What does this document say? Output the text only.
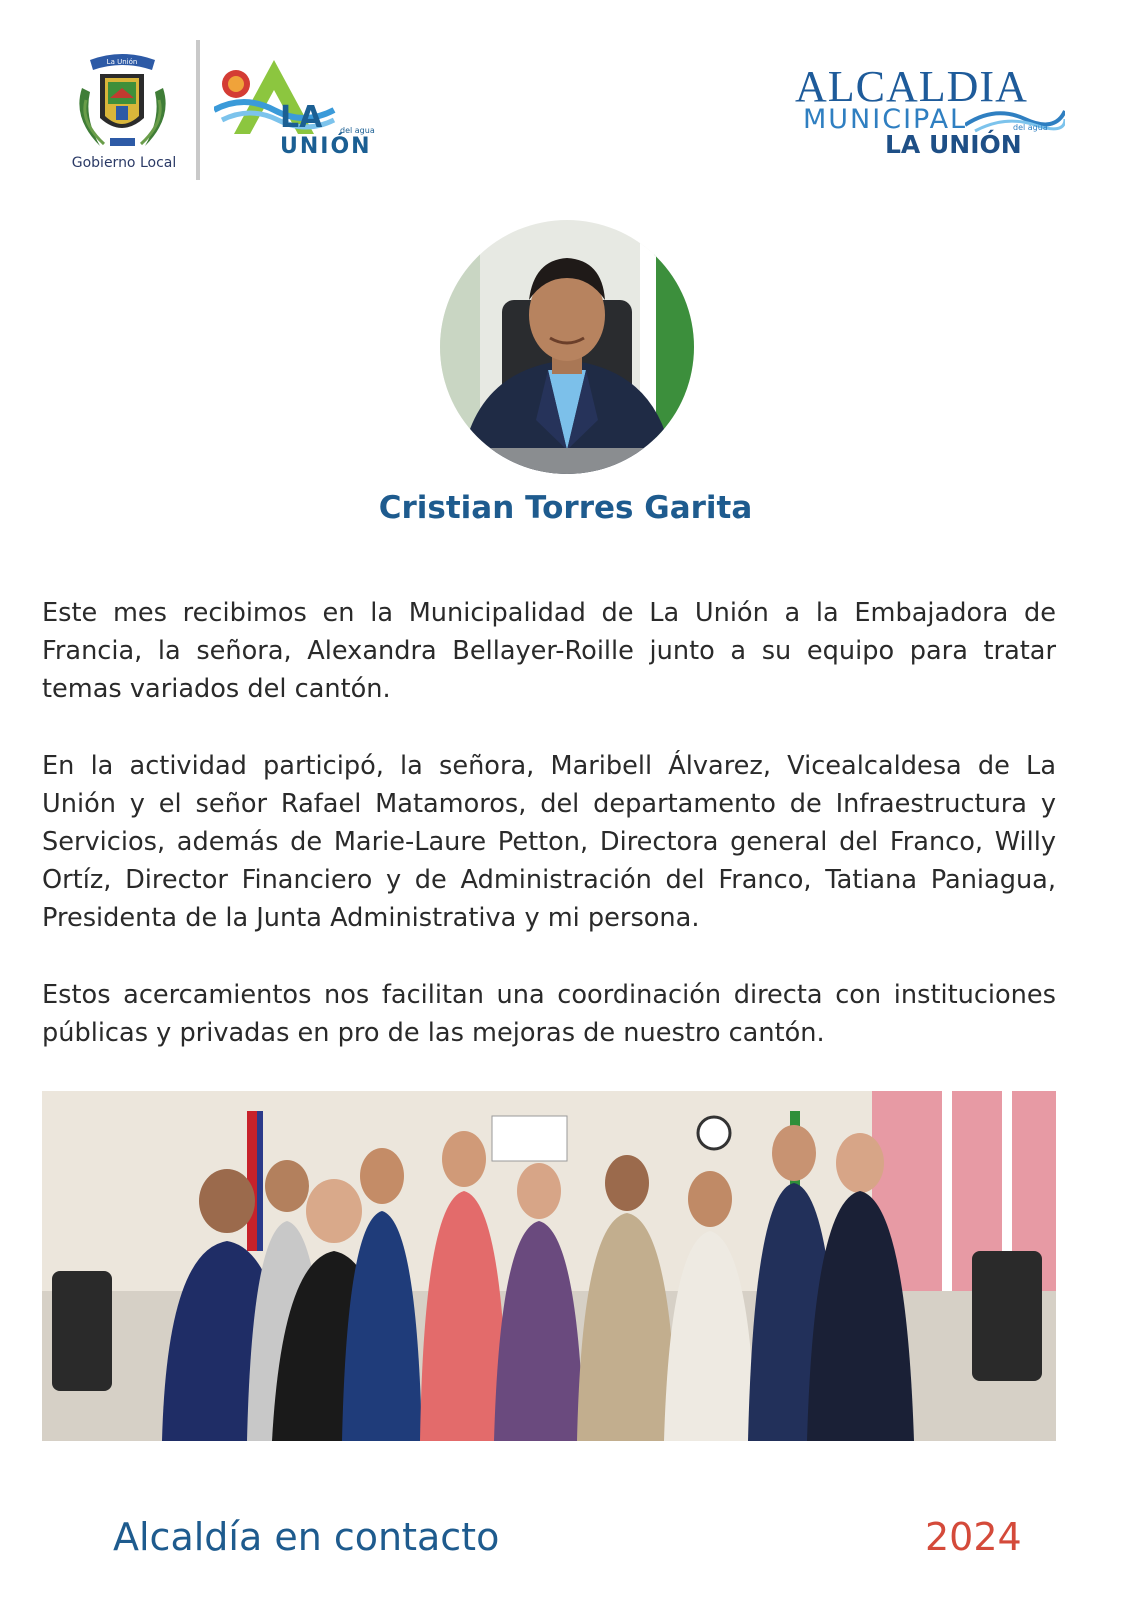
La Unión
Gobierno Local
LA del agua
UNIÓN
ALCALDIA
MUNICIPAL	del agua
LA UNIÓN
Cristian Torres Garita

Este mes recibimos en la Municipalidad de La Unión a la Embajadora de Francia, la señora, Alexandra Bellayer-Roille junto a su equipo para tratar temas variados del cantón.

En la actividad participó, la señora, Maribell Álvarez, Vicealcaldesa de La Unión y el señor Rafael Matamoros, del departamento de Infraestructura y Servicios, además de Marie-Laure Petton, Directora general del Franco, Willy Ortíz, Director Financiero y de Administración del Franco, Tatiana Paniagua, Presidenta de la Junta Administrativa y mi persona.

Estos acercamientos nos facilitan una coordinación directa con instituciones públicas y privadas en pro de las mejoras de nuestro cantón.

Alcaldía en contacto	2024
